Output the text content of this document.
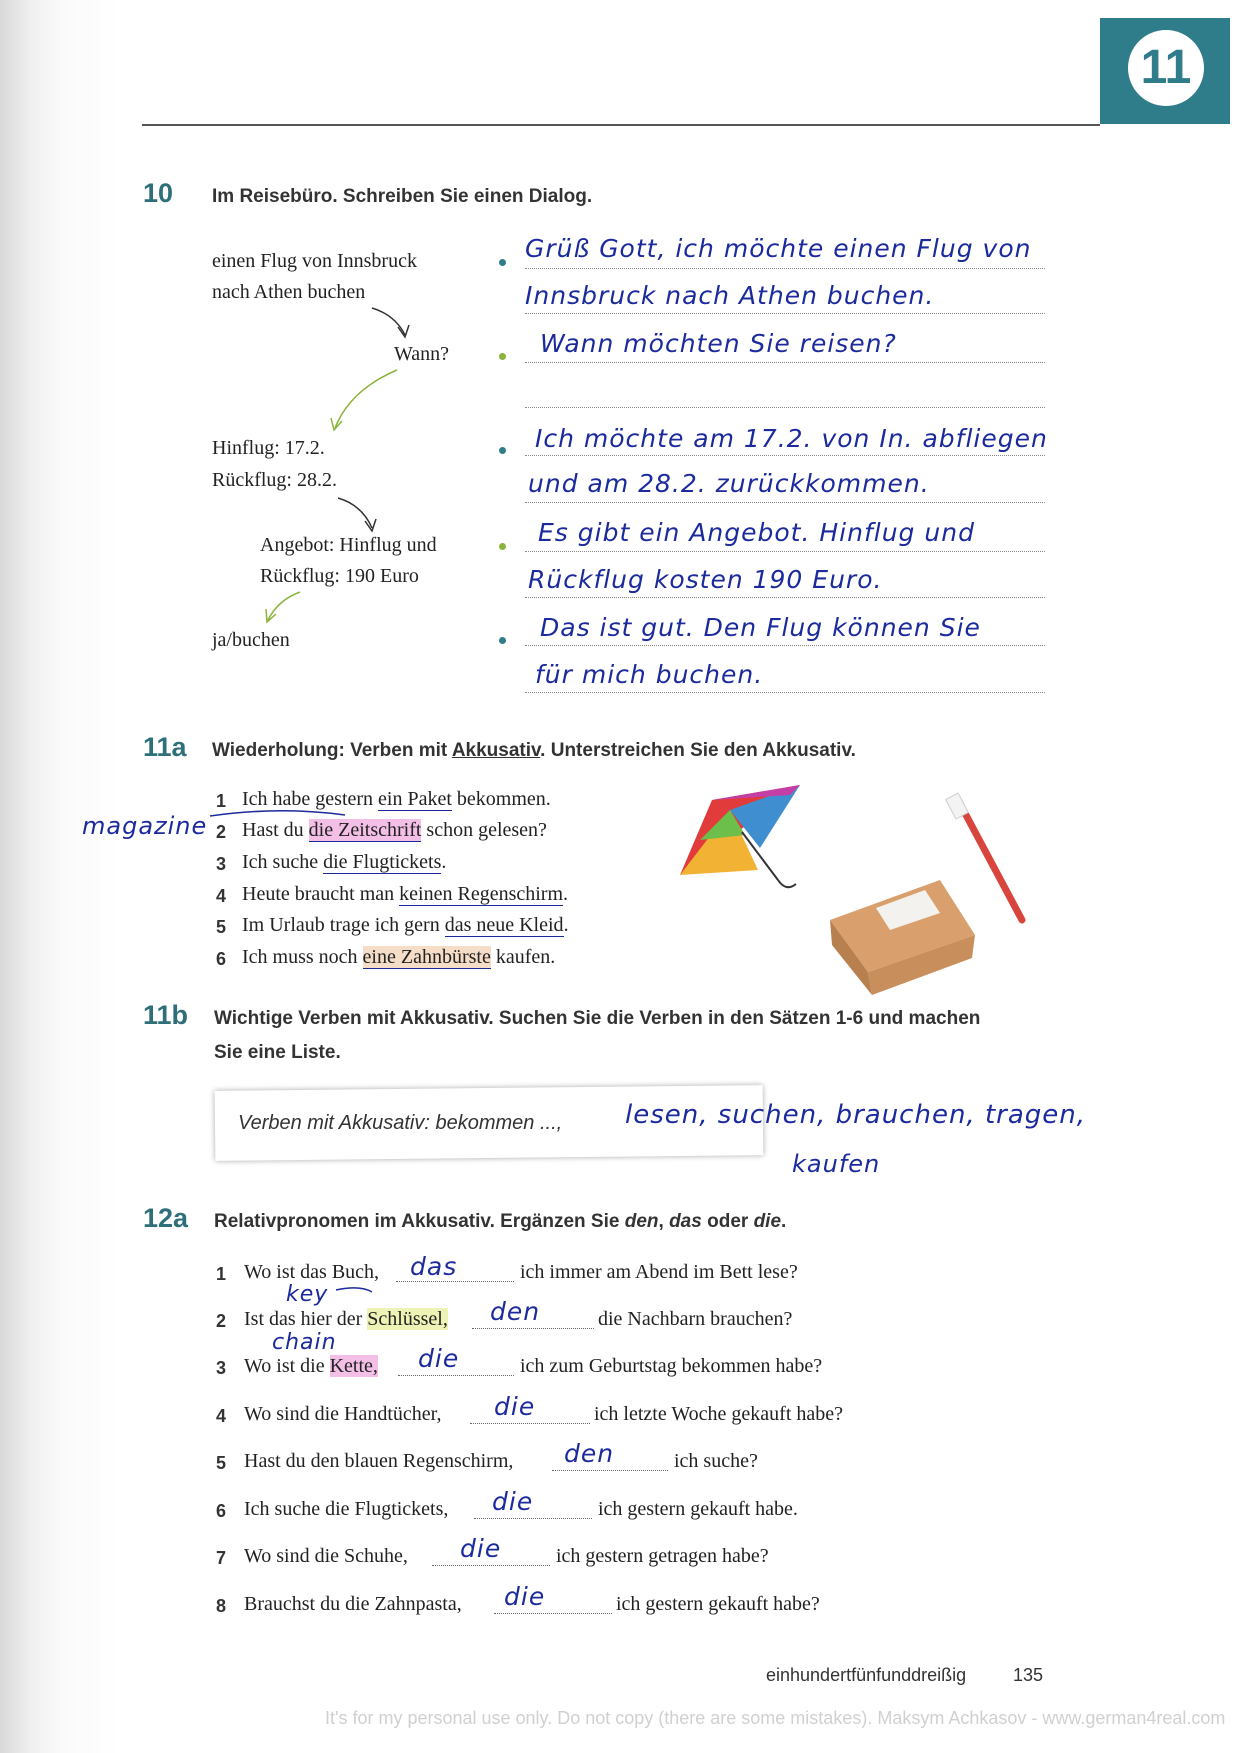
11
10 Im Reisebüro. Schreiben Sie einen Dialog.
einen Flug von Innsbruck
nach Athen buchen
Wann?
Hinflug: 17.2.
Rückflug: 28.2.
Angebot: Hinflug und
Rückflug: 190 Euro
ja/buchen
Grüß Gott, ich möchte einen Flug von
Innsbruck nach Athen buchen.
Wann möchten Sie reisen?
Ich möchte am 17.2. von In. abfliegen
und am 28.2. zurückkommen.
Es gibt ein Angebot. Hinflug und
Rückflug kosten 190 Euro.
Das ist gut. Den Flug können Sie
für mich buchen.
11a Wiederholung: Verben mit Akkusativ. Unterstreichen Sie den Akkusativ.
magazine
1 Ich habe gestern ein Paket bekommen.
2 Hast du die Zeitschrift schon gelesen?
3 Ich suche die Flugtickets.
4 Heute braucht man keinen Regenschirm.
5 Im Urlaub trage ich gern das neue Kleid.
6 Ich muss noch eine Zahnbürste kaufen.
11b Wichtige Verben mit Akkusativ. Suchen Sie die Verben in den Sätzen 1-6 und machen
Sie eine Liste.
Verben mit Akkusativ: bekommen ..., lesen, suchen, brauchen, tragen,
kaufen
12a Relativpronomen im Akkusativ. Ergänzen Sie den, das oder die.
key
chain
1 Wo ist das Buch, das	ich immer am Abend im Bett lese?
2 Ist das hier der Schlüssel, den	die Nachbarn brauchen?
3 Wo ist die Kette, die	ich zum Geburtstag bekommen habe?
4 Wo sind die Handtücher, die	ich letzte Woche gekauft habe?
5 Hast du den blauen Regenschirm, den	ich suche?
6 Ich suche die Flugtickets, die	ich gestern gekauft habe.
7 Wo sind die Schuhe, die	ich gestern getragen habe?
8 Brauchst du die Zahnpasta, die	ich gestern gekauft habe?
einhundertfünfunddreißig	135
It's for my personal use only. Do not copy (there are some mistakes). Maksym Achkasov - www.german4real.com
